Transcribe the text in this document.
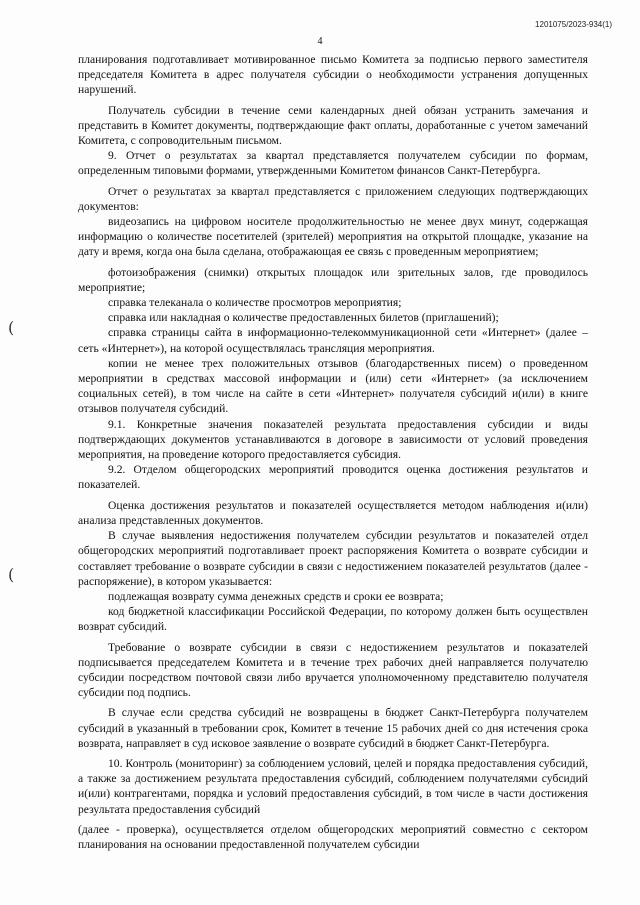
1201075/2023-934(1)
4
(
(

планирования подготавливает мотивированное письмо Комитета за подписью первого заместителя председателя Комитета в адрес получателя субсидии о необходимости устранения допущенных нарушений.

Получатель субсидии в течение семи календарных дней обязан устранить замечания и представить в Комитет документы, подтверждающие факт оплаты, доработанные с учетом замечаний Комитета, с сопроводительным письмом.

9. Отчет о результатах за квартал представляется получателем субсидии по формам, определенным типовыми формами, утвержденными Комитетом финансов Санкт-Петербурга.

Отчет о результатах за квартал представляется с приложением следующих подтверждающих документов:

видеозапись на цифровом носителе продолжительностью не менее двух минут, содержащая информацию о количестве посетителей (зрителей) мероприятия на открытой площадке, указание на дату и время, когда она была сделана, отображающая ее связь с проведенным мероприятием;

фотоизображения (снимки) открытых площадок или зрительных залов, где проводилось мероприятие;

справка телеканала о количестве просмотров мероприятия;

справка или накладная о количестве предоставленных билетов (приглашений);

справка страницы сайта в информационно-телекоммуникационной сети «Интернет» (далее – сеть «Интернет»), на которой осуществлялась трансляция мероприятия.

копии не менее трех положительных отзывов (благодарственных писем) о проведенном мероприятии в средствах массовой информации и (или) сети «Интернет» (за исключением социальных сетей), в том числе на сайте в сети «Интернет» получателя субсидий и(или) в книге отзывов получателя субсидий.

9.1. Конкретные значения показателей результата предоставления субсидии и виды подтверждающих документов устанавливаются в договоре в зависимости от условий проведения мероприятия, на проведение которого предоставляется субсидия.

9.2. Отделом общегородских мероприятий проводится оценка достижения результатов и показателей.

Оценка достижения результатов и показателей осуществляется методом наблюдения и(или) анализа представленных документов.

В случае выявления недостижения получателем субсидии результатов и показателей отдел общегородских мероприятий подготавливает проект распоряжения Комитета о возврате субсидии и составляет требование о возврате субсидии в связи с недостижением показателей результатов (далее - распоряжение), в котором указывается:

подлежащая возврату сумма денежных средств и сроки ее возврата;

код бюджетной классификации Российской Федерации, по которому должен быть осуществлен возврат субсидий.

Требование о возврате субсидии в связи с недостижением результатов и показателей подписывается председателем Комитета и в течение трех рабочих дней направляется получателю субсидии посредством почтовой связи либо вручается уполномоченному представителю получателя субсидии под подпись.

В случае если средства субсидий не возвращены в бюджет Санкт-Петербурга получателем субсидий в указанный в требовании срок, Комитет в течение 15 рабочих дней со дня истечения срока возврата, направляет в суд исковое заявление о возврате субсидий в бюджет Санкт-Петербурга.

10. Контроль (мониторинг) за соблюдением условий, целей и порядка предоставления субсидий, а также за достижением результата предоставления субсидий, соблюдением получателями субсидий и(или) контрагентами, порядка и условий предоставления субсидий, в том числе в части достижения результата предоставления субсидий

(далее - проверка), осуществляется отделом общегородских мероприятий совместно с сектором планирования на основании предоставленной получателем субсидии
